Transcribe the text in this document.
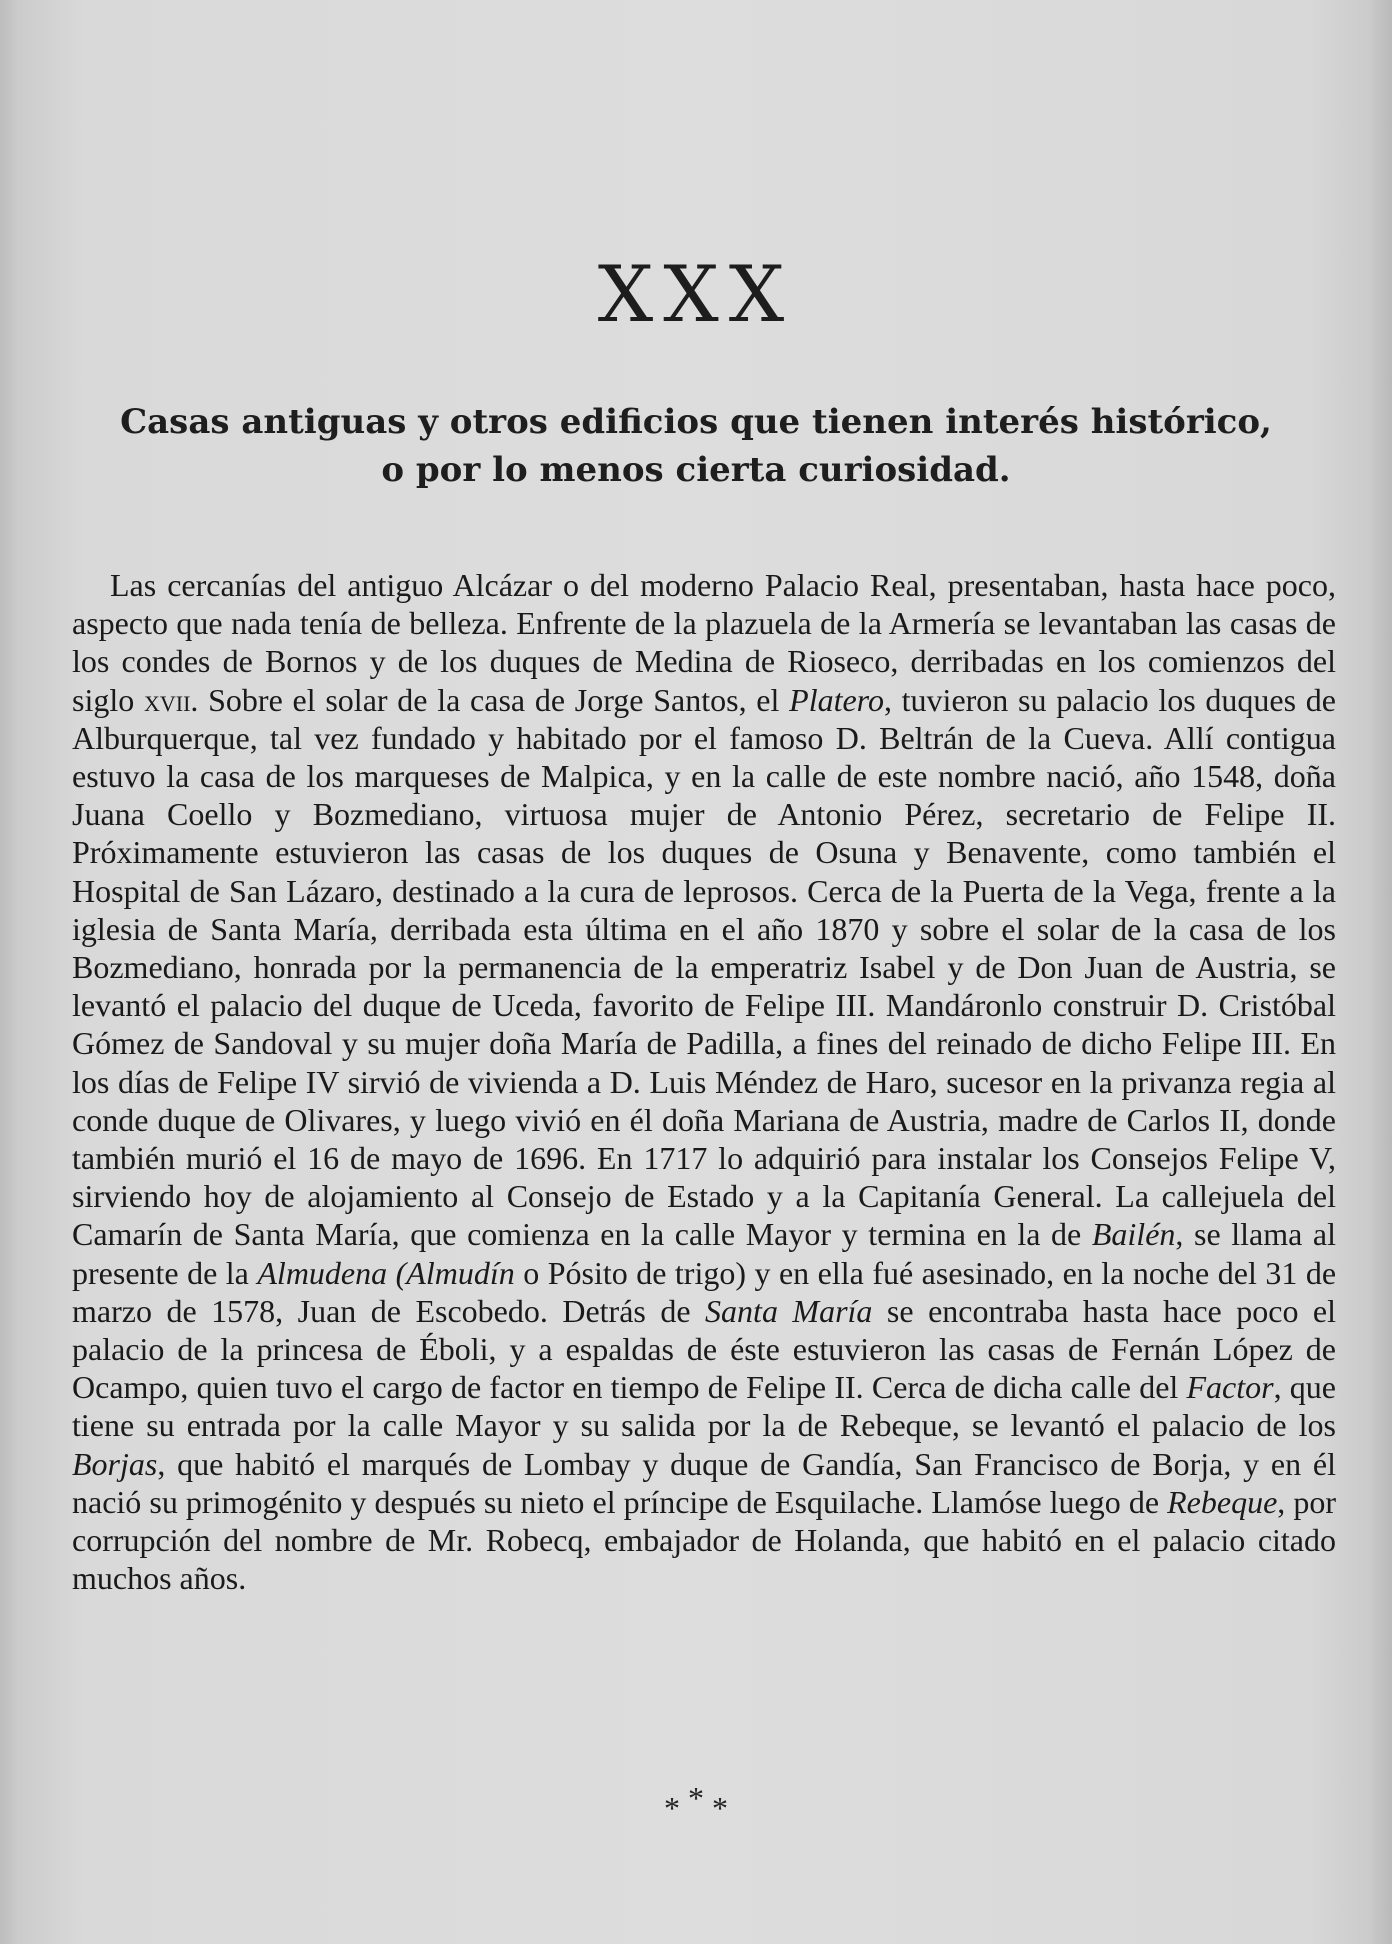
XXX
Casas antiguas y otros edificios que tienen interés histórico,
o por lo menos cierta curiosidad.

Las cercanías del antiguo Alcázar o del moderno Palacio Real, presentaban, hasta hace poco, aspecto que nada tenía de belleza. Enfrente de la plazuela de la Armería se levantaban las casas de los condes de Bornos y de los duques de Medina de Rioseco, derribadas en los comienzos del siglo xvii. Sobre el solar de la casa de Jorge Santos, el Platero, tuvieron su palacio los duques de Alburquerque, tal vez fundado y habitado por el famoso D. Beltrán de la Cueva. Allí contigua estuvo la casa de los marqueses de Malpica, y en la calle de este nombre nació, año 1548, doña Juana Coello y Bozmediano, virtuosa mujer de Antonio Pérez, secretario de Felipe II. Próximamente estuvieron las casas de los duques de Osuna y Benavente, como también el Hospital de San Lázaro, destinado a la cura de leprosos. Cerca de la Puerta de la Vega, frente a la iglesia de Santa María, derribada esta última en el año 1870 y sobre el solar de la casa de los Bozmediano, honrada por la permanencia de la emperatriz Isabel y de Don Juan de Austria, se levantó el palacio del duque de Uceda, favorito de Felipe III. Mandáronlo construir D. Cristóbal Gómez de Sandoval y su mujer doña María de Padilla, a fines del reinado de dicho Felipe III. En los días de Felipe IV sirvió de vivienda a D. Luis Méndez de Haro, sucesor en la privanza regia al conde duque de Olivares, y luego vivió en él doña Mariana de Austria, madre de Carlos II, donde también murió el 16 de mayo de 1696. En 1717 lo adquirió para instalar los Consejos Felipe V, sirviendo hoy de alojamiento al Consejo de Estado y a la Capitanía General. La callejuela del Camarín de Santa María, que comienza en la calle Mayor y termina en la de Bailén, se llama al presente de la Almudena (Almudín o Pósito de trigo) y en ella fué asesinado, en la noche del 31 de marzo de 1578, Juan de Escobedo. Detrás de Santa María se encontraba hasta hace poco el palacio de la princesa de Éboli, y a espaldas de éste estuvieron las casas de Fernán López de Ocampo, quien tuvo el cargo de factor en tiempo de Felipe II. Cerca de dicha calle del Factor, que tiene su entrada por la calle Mayor y su salida por la de Rebeque, se levantó el palacio de los Borjas, que habitó el marqués de Lombay y duque de Gandía, San Francisco de Borja, y en él nació su primogénito y después su nieto el príncipe de Esquilache. Llamóse luego de Rebeque, por corrupción del nombre de Mr. Robecq, embajador de Holanda, que habitó en el palacio citado muchos años.

* * *
